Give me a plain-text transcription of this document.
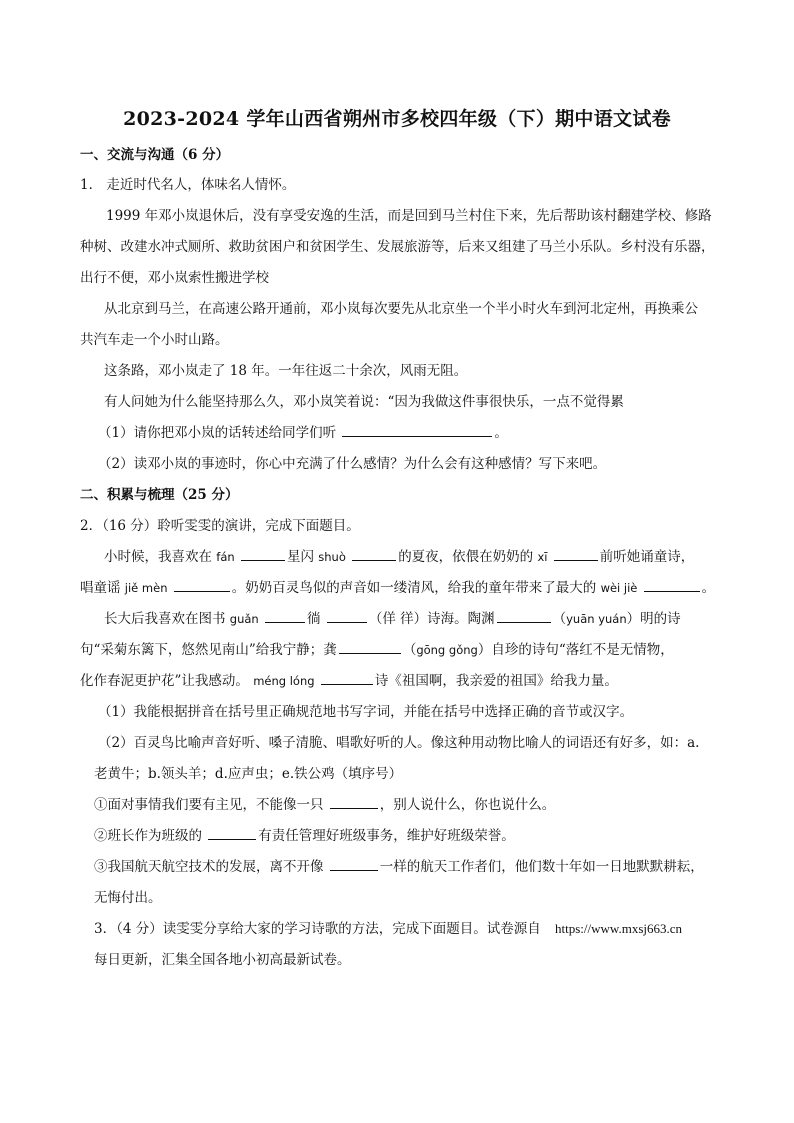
2023-2024 学年山西省朔州市多校四年级（下）期中语文试卷
一、交流与沟通（6 分）
1． 走近时代名人，体味名人情怀。
1999 年邓小岚退休后，没有享受安逸的生活，而是回到马兰村住下来，先后帮助该村翻建学校、修路
种树、改建水冲式厕所、救助贫困户和贫困学生、发展旅游等，后来又组建了马兰小乐队。乡村没有乐器，
出行不便，邓小岚索性搬进学校
从北京到马兰，在高速公路开通前，邓小岚每次要先从北京坐一个半小时火车到河北定州，再换乘公
共汽车走一个小时山路。
这条路，邓小岚走了 18 年。一年往返二十余次，风雨无阻。
有人问她为什么能坚持那么久，邓小岚笑着说：“因为我做这件事很快乐，一点不觉得累
（1）请你把邓小岚的话转述给同学们听	。
（2）读邓小岚的事迹时，你心中充满了什么感情？为什么会有这种感情？写下来吧。
二、积累与梳理（25 分）
2．（16 分）聆听雯雯的演讲，完成下面题目。
小时候，我喜欢在 fán	星闪 shuò	的夏夜，依偎在奶奶的 xī	前听她诵童诗，
唱童谣 jiě mèn	。奶奶百灵鸟似的声音如一缕清风，给我的童年带来了最大的 wèi jiè	。
长大后我喜欢在图书 guǎn	徜	（佯 徉）诗海。陶渊	（yuān yuán）明的诗
句“采菊东篱下，悠然见南山”给我宁静；龚	（gōng gǒng）自珍的诗句“落红不是无情物，
化作春泥更护花”让我感动。 méng lóng	诗《祖国啊，我亲爱的祖国》给我力量。
（1）我能根据拼音在括号里正确规范地书写字词，并能在括号中选择正确的音节或汉字。
（2）百灵鸟比喻声音好听、嗓子清脆、唱歌好听的人。像这种用动物比喻人的词语还有好多，如：a.
老黄牛；b.领头羊；d.应声虫；e.铁公鸡（填序号）
①面对事情我们要有主见，不能像一只	，别人说什么，你也说什么。
②班长作为班级的	有责任管理好班级事务，维护好班级荣誉。
③我国航天航空技术的发展，离不开像	一样的航天工作者们，他们数十年如一日地默默耕耘，
无悔付出。
3．（4 分）读雯雯分享给大家的学习诗歌的方法，完成下面题目。试卷源自 https://www.mxsj663.cn
每日更新，汇集全国各地小初高最新试卷。
